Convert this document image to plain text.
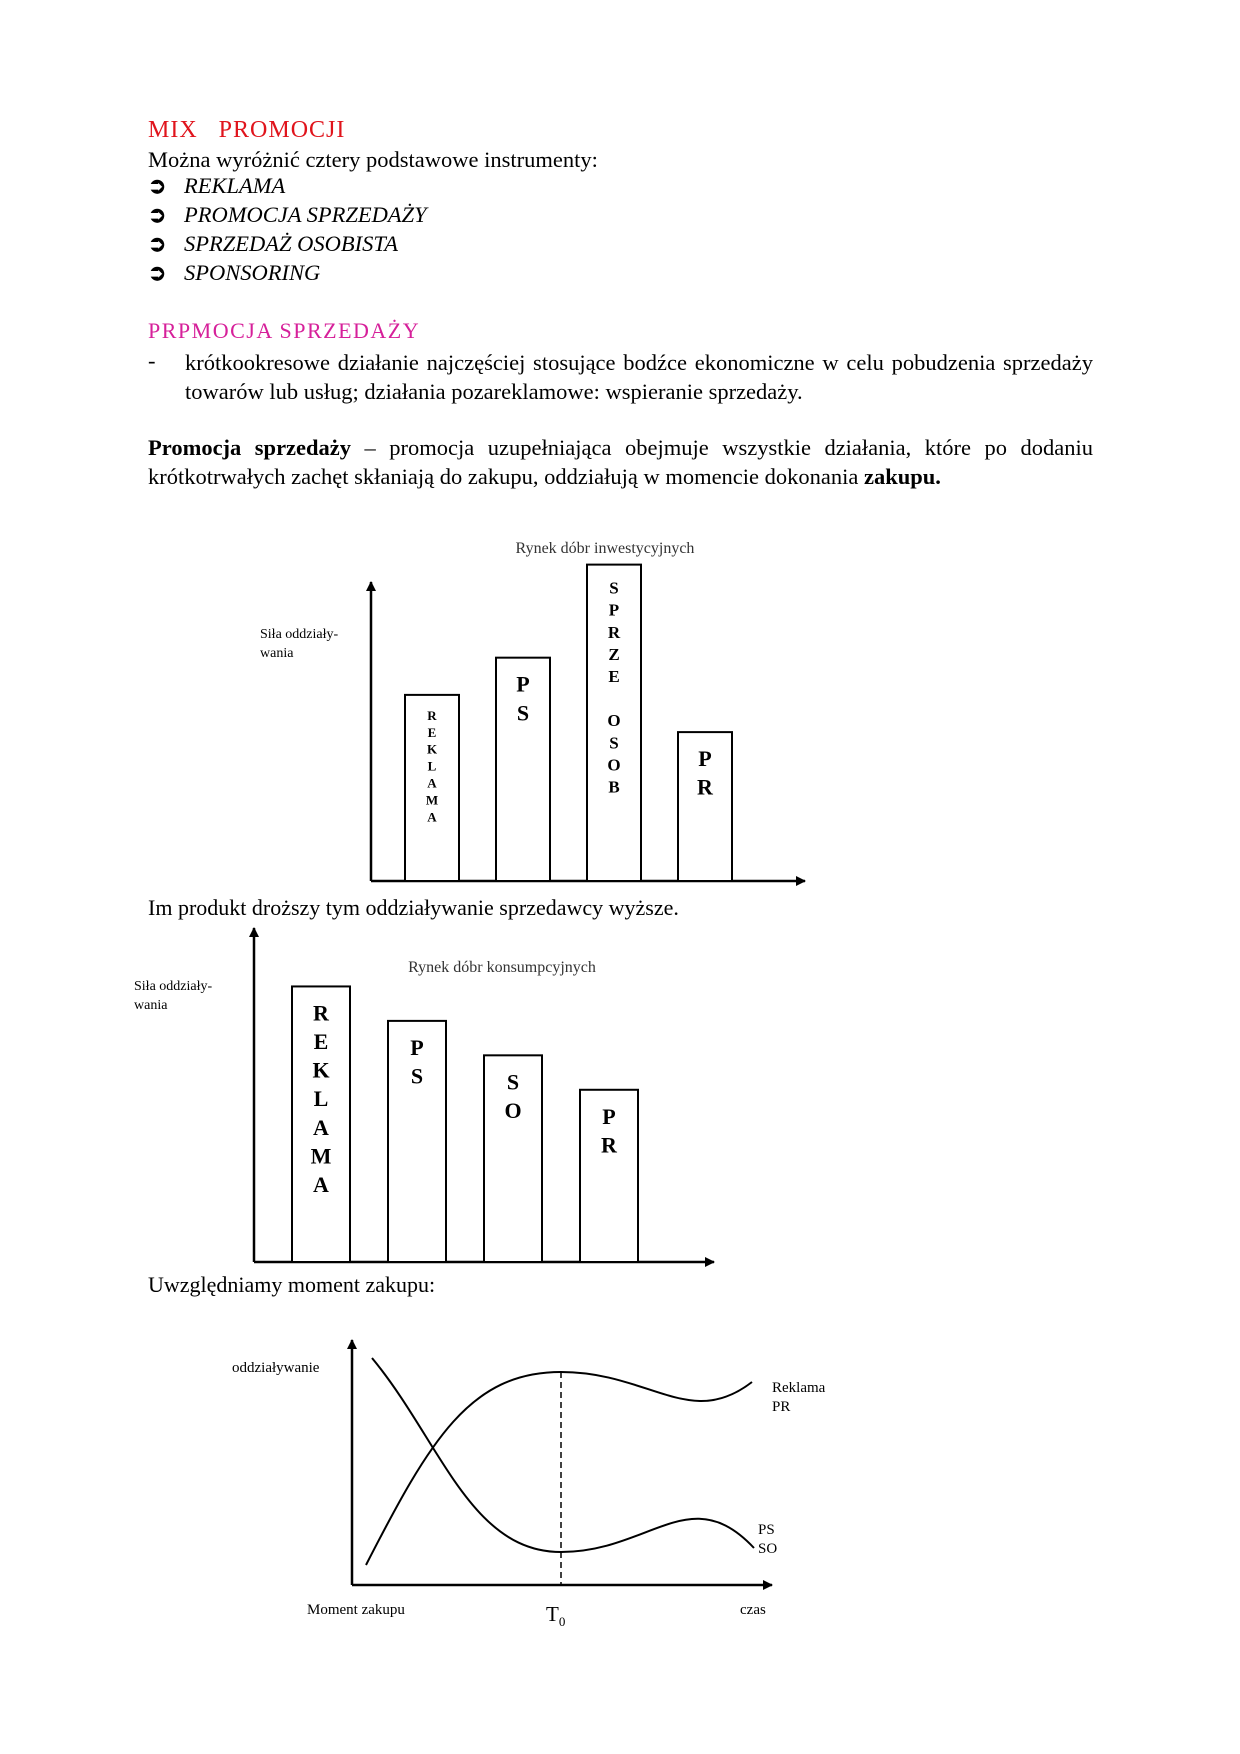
MIX   PROMOCJI
Można wyróżnić cztery podstawowe instrumenty:
➲ REKLAMA
➲ PROMOCJA SPRZEDAŻY
➲ SPRZEDAŻ OSOBISTA
➲ SPONSORING
PRPMOCJA SPRZEDAŻY
- krótkookresowe działanie najczęściej stosujące bodźce ekonomiczne w celu pobudzenia sprzedaży towarów lub usług; działania pozareklamowe: wspieranie sprzedaży.
Promocja sprzedaży – promocja uzupełniająca obejmuje wszystkie działania, które po dodaniu krótkotrwałych zachęt skłaniają do zakupu, oddziałują w momencie dokonania zakupu.
Rynek dóbr inwestycyjnych
R E K L A M A
P S
S P R Z E O S O B
P R
Rynek dóbr konsumpcyjnych
R E K L A M A
P S	S O	P R
oddziaływanie
Moment zakupu	czas
$T_0$
Reklama PR
PS SO
Siła oddziały-wania
Siła oddziały-wania
Im produkt droższy tym oddziaływanie sprzedawcy wyższe.
Uwzględniamy moment zakupu:
